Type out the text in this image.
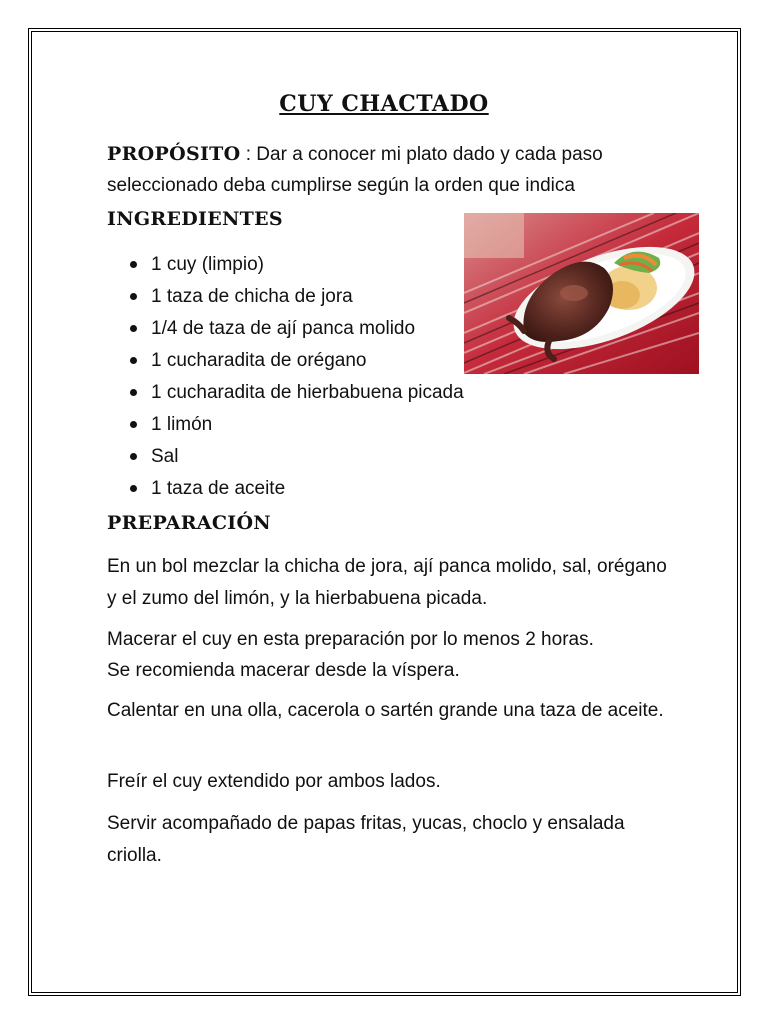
CUY CHACTADO
PROPÓSITO : Dar a conocer mi plato dado y cada paso seleccionado deba cumplirse según la orden que indica
INGREDIENTES
1 cuy (limpio)
1 taza de chicha de jora
1/4 de taza de ají panca molido
1 cucharadita de orégano
1 cucharadita de hierbabuena picada
1 limón
Sal
1 taza de aceite
PREPARACIÓN
En un bol mezclar la chicha de jora, ají panca molido, sal, orégano y el zumo del limón, y la hierbabuena picada.
Macerar el cuy en esta preparación por lo menos 2 horas.
Se recomienda macerar desde la víspera.
Calentar en una olla, cacerola o sartén grande una taza de aceite.
Freír el cuy extendido por ambos lados.
Servir acompañado de papas fritas, yucas, choclo y ensalada criolla.
